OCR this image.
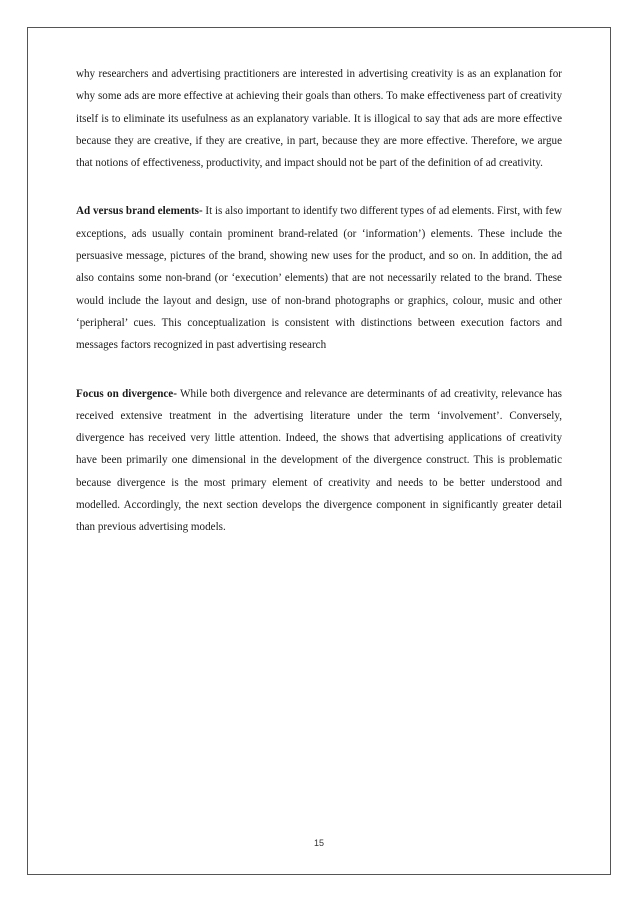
why researchers and advertising practitioners are interested in advertising creativity is as an explanation for why some ads are more effective at achieving their goals than others. To make effectiveness part of creativity itself is to eliminate its usefulness as an explanatory variable. It is illogical to say that ads are more effective because they are creative, if they are creative, in part, because they are more effective. Therefore, we argue that notions of effectiveness, productivity, and impact should not be part of the definition of ad creativity.

Ad versus brand elements- It is also important to identify two different types of ad elements. First, with few exceptions, ads usually contain prominent brand-related (or ‘information’) elements. These include the persuasive message, pictures of the brand, showing new uses for the product, and so on. In addition, the ad also contains some non-brand (or ‘execution’ elements) that are not necessarily related to the brand. These would include the layout and design, use of non-brand photographs or graphics, colour, music and other ‘peripheral’ cues. This conceptualization is consistent with distinctions between execution factors and messages factors recognized in past advertising research

Focus on divergence- While both divergence and relevance are determinants of ad creativity, relevance has received extensive treatment in the advertising literature under the term ‘involvement’. Conversely, divergence has received very little attention. Indeed, the shows that advertising applications of creativity have been primarily one dimensional in the development of the divergence construct. This is problematic because divergence is the most primary element of creativity and needs to be better understood and modelled. Accordingly, the next section develops the divergence component in significantly greater detail than previous advertising models.

15
